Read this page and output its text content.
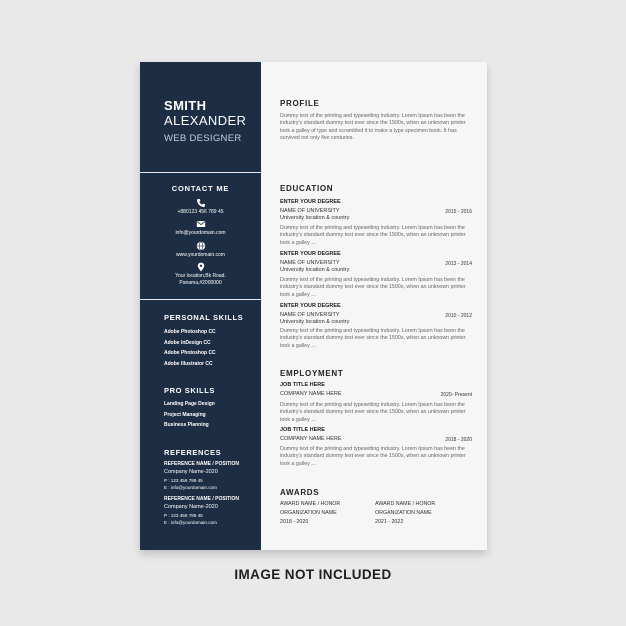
SMITH
ALEXANDER
WEB DESIGNER
CONTACT ME
+880123 456 789 45
info@yourdomain.com
www.yourdomain.com
Your location,Bk Road.
Panama,#2000000
PERSONAL SKILLS
Adobe Photoshop CC
Adobe InDesign CC
Adobe Photoshop CC
Adobe Illustrator CC
PRO SKILLS
Landing Page Design
Project Managing
Business Planning
REFERENCES
REFERENCE NAME / POSITION
Company Name-2020
P : 123 456 789 45
E : info@yourdomain.com
REFERENCE NAME / POSITION
Company Name-2020
P : 123 456 789 45
E : info@yourdomain.com
PROFILE
Dummy text of the printing and typesetting industry. Lorem Ipsum has been the industry's standard dummy text ever since the 1500s, when an unknown printer took a galley of type and scrambled it to make a type specimen book. It has survived not only five centuries.
EDUCATION
ENTER YOUR DEGREE
NAME OF UNIVERSITY	2015 - 2016
University location & country
Dummy text of the printing and typesetting industry. Lorem Ipsum has been the industry's standard dummy text ever since the 1500s, when an unknown printer took a galley ...
ENTER YOUR DEGREE
NAME OF UNIVERSITY	2013 - 2014
University location & country
Dummy text of the printing and typesetting industry. Lorem Ipsum has been the industry's standard dummy text ever since the 1500s, when an unknown printer took a galley ...
ENTER YOUR DEGREE
NAME OF UNIVERSITY	2010 - 2012
University location & country
Dummy text of the printing and typesetting industry. Lorem Ipsum has been the industry's standard dummy text ever since the 1500s, when an unknown printer took a galley ...
EMPLOYMENT
JOB TITLE HERE
COMPANY NAME HERE	2020- Present
Dummy text of the printing and typesetting industry. Lorem Ipsum has been the industry's standard dummy text ever since the 1500s, when an unknown printer took a galley ...
JOB TITLE HERE
COMPANY NAME HERE	2018 - 2020
Dummy text of the printing and typesetting industry. Lorem Ipsum has been the industry's standard dummy text ever since the 1500s, when an unknown printer took a galley ...
AWARDS
AWARD NAME / HONOR
ORGANIZATION NAME
2018 - 2020
AWARD NAME / HONOR
ORGANIZATION NAME
2021 - 2022
IMAGE NOT INCLUDED
